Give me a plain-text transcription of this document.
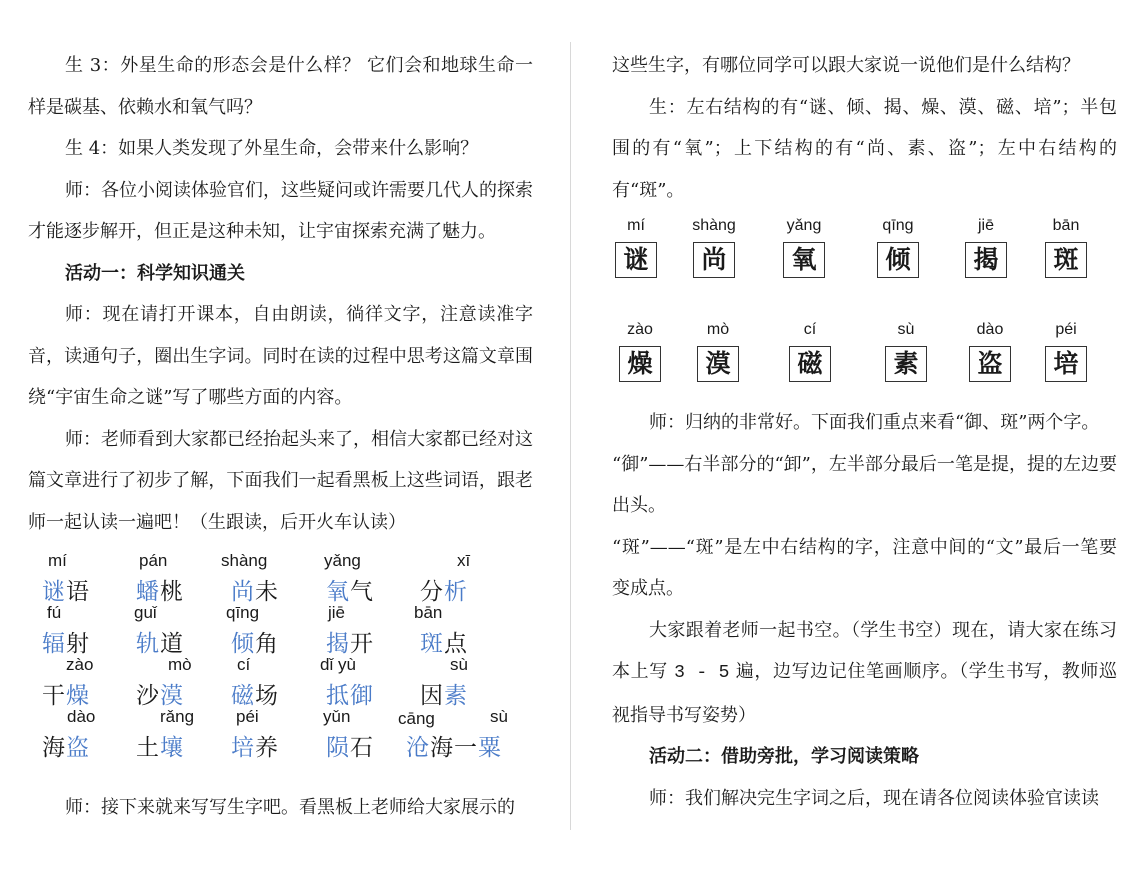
生 3：外星生命的形态会是什么样？ 它们会和地球生命一样是碳基、依赖水和氧气吗？

生 4：如果人类发现了外星生命，会带来什么影响？

师：各位小阅读体验官们，这些疑问或许需要几代人的探索才能逐步解开，但正是这种未知，让宇宙探索充满了魅力。

活动一：科学知识通关

师：现在请打开课本，自由朗读，徜徉文字，注意读准字音，读通句子，圈出生字词。同时在读的过程中思考这篇文章围绕“宇宙生命之谜”写了哪些方面的内容。

师：老师看到大家都已经抬起头来了，相信大家都已经对这篇文章进行了初步了解，下面我们一起看黑板上这些词语，跟老师一起认读一遍吧！（生跟读，后开火车认读）

mí
谜语
pán
蟠桃
shàng
尚未
yǎng
氧气
xī
分析
fú
辐射
guǐ
轨道
qīng
倾角
jiē
揭开
bān
斑点
zào
干燥
mò
沙漠
cí
磁场
dǐ yù
抵御
sù
因素
dào
海盗
rǎng
土壤
péi
培养
yǔn
陨石
cāng	sù
沧海一粟

师：接下来就来写写生字吧。看黑板上老师给大家展示的

这些生字，有哪位同学可以跟大家说一说他们是什么结构？

生：左右结构的有“谜、倾、揭、燥、漠、磁、培”；半包围的有“氧”；上下结构的有“尚、素、盗”；左中右结构的有“斑”。

mí
谜
shàng
尚
yǎng
氧
qīng
倾
jiē
揭
bān
斑
zào
燥
mò
漠
cí
磁
sù
素
dào
盗
péi
培

师：归纳的非常好。下面我们重点来看“御、斑”两个字。

“御”——右半部分的“卸”，左半部分最后一笔是提，提的左边要出头。

“斑”——“斑”是左中右结构的字，注意中间的“文”最后一笔要变成点。

大家跟着老师一起书空。（学生书空）现在，请大家在练习本上写 3 - 5 遍，边写边记住笔画顺序。（学生书写，教师巡视指导书写姿势）

活动二：借助旁批，学习阅读策略

师：我们解决完生字词之后，现在请各位阅读体验官读读
